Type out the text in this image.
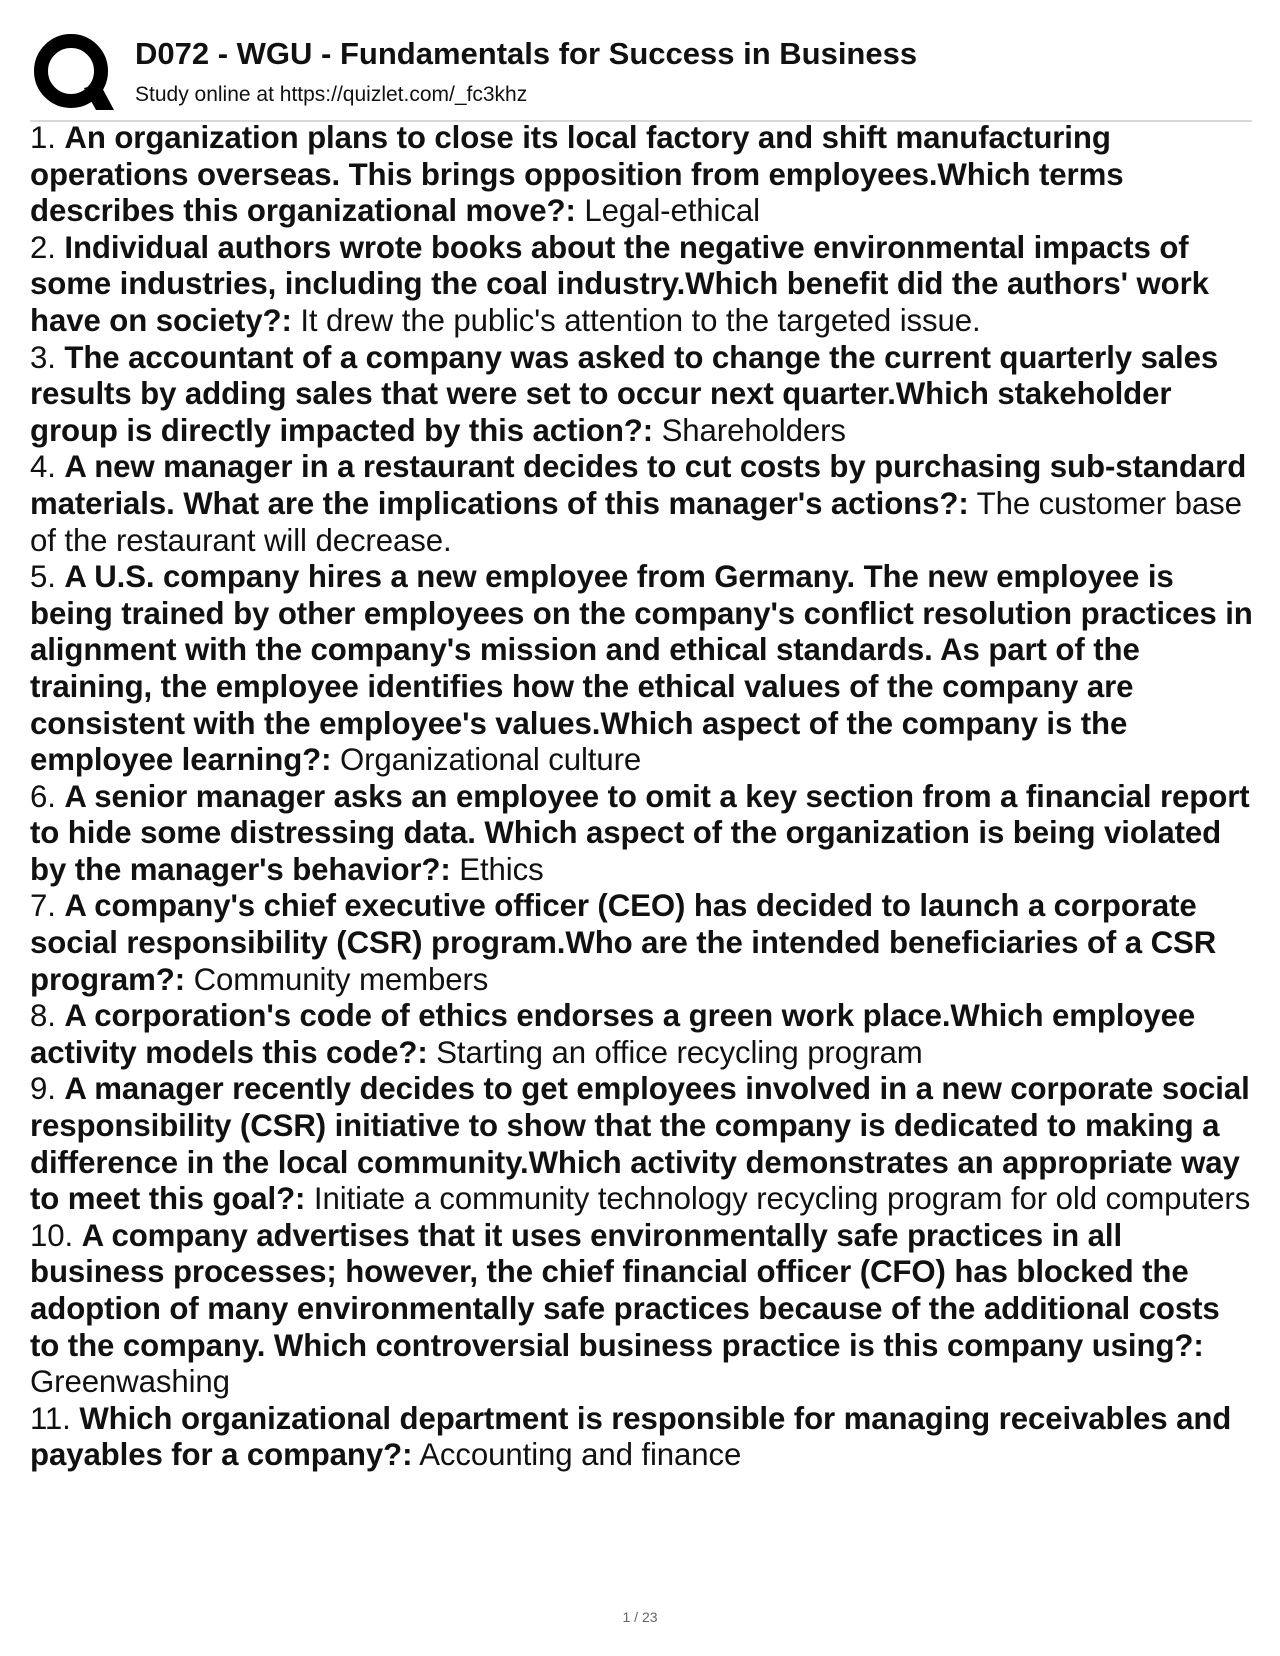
D072 - WGU - Fundamentals for Success in Business
Study online at https://quizlet.com/_fc3khz

1. An organization plans to close its local factory and shift manufacturing operations overseas. This brings opposition from employees.Which terms describes this organizational move?: Legal-ethical

2. Individual authors wrote books about the negative environmental impacts of some industries, including the coal industry.Which benefit did the authors' work have on society?: It drew the public's attention to the targeted issue.

3. The accountant of a company was asked to change the current quarterly sales results by adding sales that were set to occur next quarter.Which stakeholder group is directly impacted by this action?: Shareholders

4. A new manager in a restaurant decides to cut costs by purchasing sub-standard materials. What are the implications of this manager's actions?: The customer base of the restaurant will decrease.

5. A U.S. company hires a new employee from Germany. The new employee is being trained by other employees on the company's conflict resolution practices in alignment with the company's mission and ethical standards. As part of the training, the employee identifies how the ethical values of the company are consistent with the employee's values.Which aspect of the company is the employee learning?: Organizational culture

6. A senior manager asks an employee to omit a key section from a financial report to hide some distressing data. Which aspect of the organization is being violated by the manager's behavior?: Ethics

7. A company's chief executive officer (CEO) has decided to launch a corporate social responsibility (CSR) program.Who are the intended beneficiaries of a CSR program?: Community members

8. A corporation's code of ethics endorses a green work place.Which employee activity models this code?: Starting an office recycling program

9. A manager recently decides to get employees involved in a new corporate social responsibility (CSR) initiative to show that the company is dedicated to making a difference in the local community.Which activity demonstrates an appropriate way to meet this goal?: Initiate a community technology recycling program for old computers

10. A company advertises that it uses environmentally safe practices in all business processes; however, the chief financial officer (CFO) has blocked the adoption of many environmentally safe practices because of the additional costs to the company. Which controversial business practice is this company using?: Greenwashing

11. Which organizational department is responsible for managing receivables and payables for a company?: Accounting and finance

1 / 23
